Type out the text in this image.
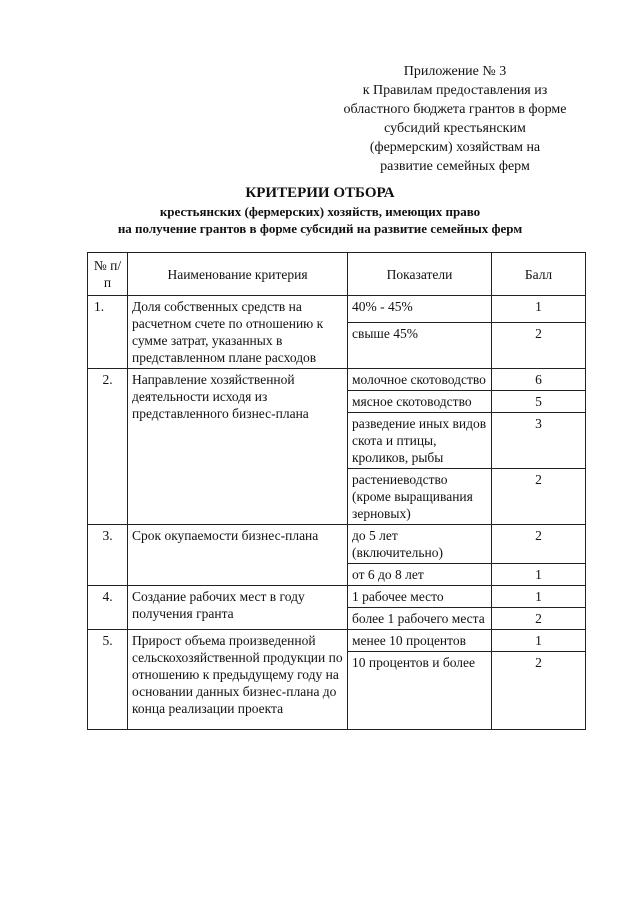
Приложение № 3
к Правилам предоставления из
областного бюджета грантов в форме
субсидий крестьянским
(фермерским) хозяйствам на
развитие семейных ферм
КРИТЕРИИ ОТБОРА
крестьянских (фермерских) хозяйств, имеющих право
на получение грантов в форме субсидий на развитие семейных ферм
№ п/п	Наименование критерия	Показатели	Балл
1.	Доля собственных средств на расчетном счете по отношению к сумме затрат, указанных в представленном плане расходов	40% - 45%	1
		свыше 45%	2
2.	Направление хозяйственной деятельности исходя из представленного бизнес-плана	молочное скотоводство	6
		мясное скотоводство	5
		разведение иных видов скота и птицы, кроликов, рыбы	3
		растениеводство (кроме выращивания зерновых)	2
3.	Срок окупаемости бизнес-плана	до 5 лет (включительно)	2
		от 6 до 8 лет	1
4.	Создание рабочих мест в году получения гранта	1 рабочее место	1
		более 1 рабочего места	2
5.	Прирост объема произведенной сельскохозяйственной продукции по отношению к предыдущему году на основании данных бизнес-плана до конца реализации проекта	менее 10 процентов	1
		10 процентов и более	2
